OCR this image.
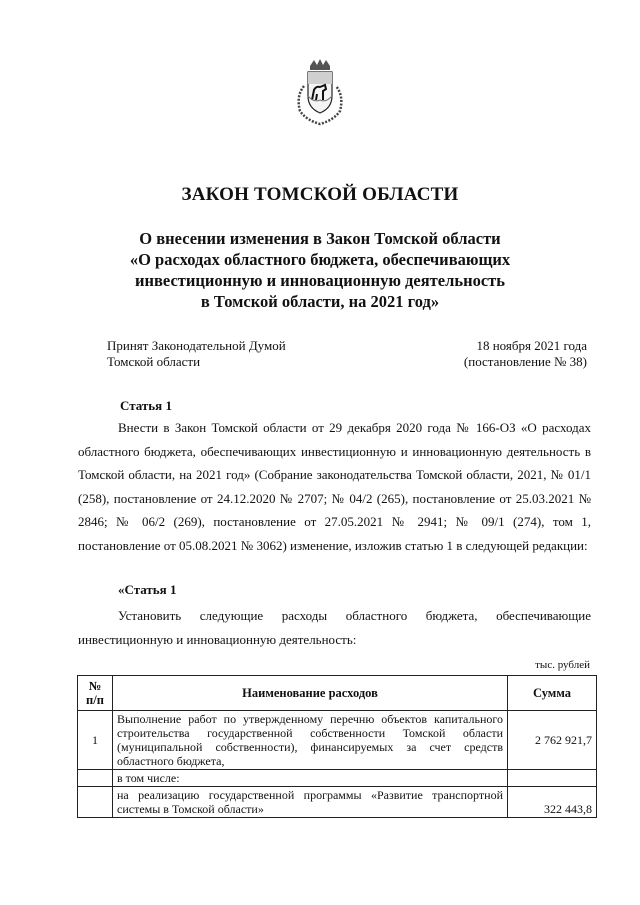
ЗАКОН ТОМСКОЙ ОБЛАСТИ
О внесении изменения в Закон Томской области
«О расходах областного бюджета, обеспечивающих
инвестиционную и инновационную деятельность
в Томской области, на 2021 год»
Принят Законодательной Думой
Томской области
18 ноября 2021 года
(постановление № 38)
Статья 1
Внести в Закон Томской области от 29 декабря 2020 года № 166-ОЗ «О расходах областного бюджета, обеспечивающих инвестиционную и инновационную деятельность в Томской области, на 2021 год» (Собрание законодательства Томской области, 2021, № 01/1 (258), постановление от 24.12.2020 № 2707; № 04/2 (265), постановление от 25.03.2021 № 2846; № 06/2 (269), постановление от 27.05.2021 № 2941; № 09/1 (274), том 1, постановление от 05.08.2021 № 3062) изменение, изложив статью 1 в следующей редакции:
«Статья 1
Установить следующие расходы областного бюджета, обеспечивающие инвестиционную и инновационную деятельность:
тыс. рублей
№ п/п	Наименование расходов	Сумма
1	Выполнение работ по утвержденному перечню объектов капитального строительства государственной собственности Томской области (муниципальной собственности), финансируемых за счет средств областного бюджета,	2 762 921,7
	в том числе:	
	на реализацию государственной программы «Развитие транспортной системы в Томской области»	322 443,8
